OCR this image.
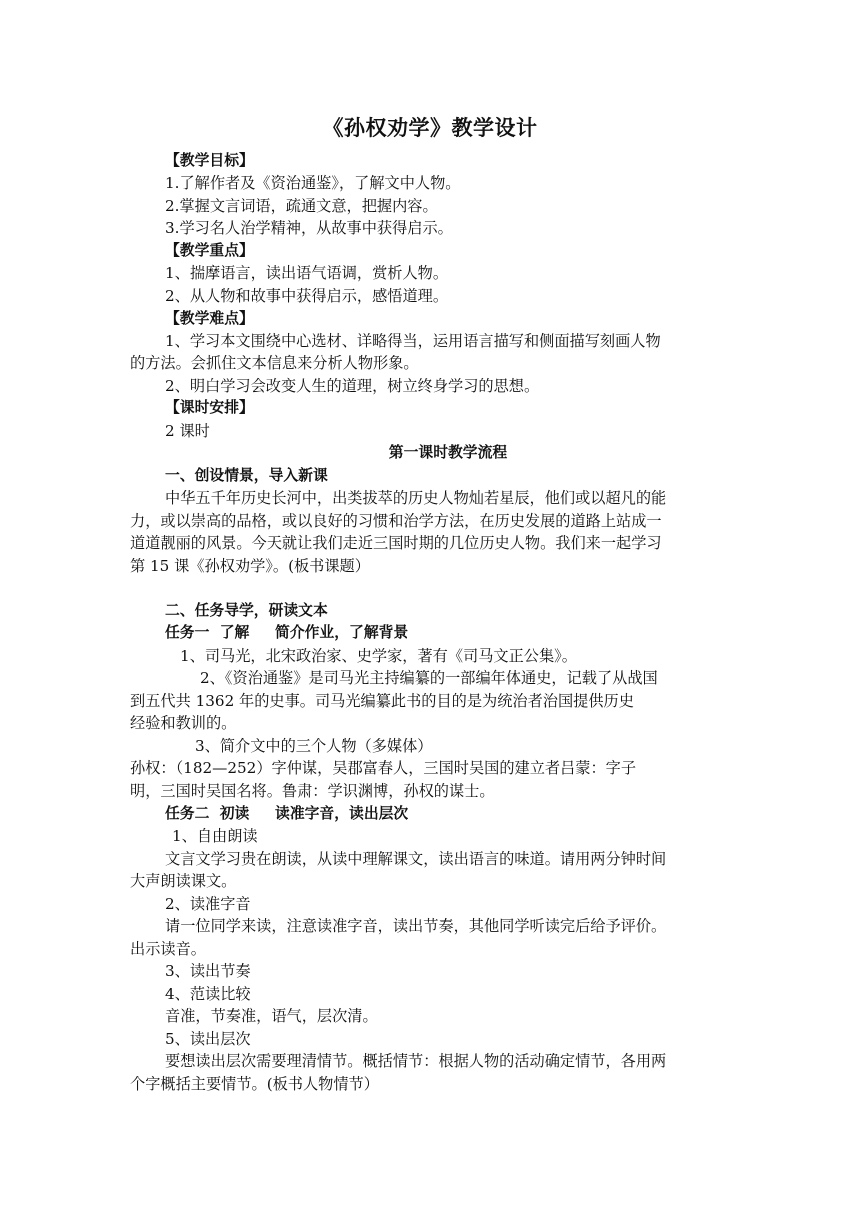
《孙权劝学》教学设计
【教学目标】
1.了解作者及《资治通鉴》，了解文中人物。
2.掌握文言词语，疏通文意，把握内容。
3.学习名人治学精神，从故事中获得启示。
【教学重点】
1、揣摩语言，读出语气语调，赏析人物。
2、从人物和故事中获得启示，感悟道理。
【教学难点】
1、学习本文围绕中心选材、详略得当，运用语言描写和侧面描写刻画人物
的方法。会抓住文本信息来分析人物形象。
2、明白学习会改变人生的道理，树立终身学习的思想。
【课时安排】
2 课时
第一课时教学流程
一、创设情景，导入新课
中华五千年历史长河中，出类拔萃的历史人物灿若星辰，他们或以超凡的能
力，或以崇高的品格，或以良好的习惯和治学方法，在历史发展的道路上站成一
道道靓丽的风景。今天就让我们走近三国时期的几位历史人物。我们来一起学习
第 15 课《孙权劝学》。(板书课题）
二、任务导学，研读文本
任务一  了解     简介作业，了解背景
1、司马光，北宋政治家、史学家，著有《司马文正公集》。
2、《资治通鉴》是司马光主持编纂的一部编年体通史，记载了从战国
到五代共 1362 年的史事。司马光编纂此书的目的是为统治者治国提供历史
经验和教训的。
3、简介文中的三个人物（多媒体）
孙权：（182—252）字仲谋，吴郡富春人，三国时吴国的建立者吕蒙：字子
明，三国时吴国名将。鲁肃：学识渊博，孙权的谋士。
任务二  初读     读准字音，读出层次
1、自由朗读
文言文学习贵在朗读，从读中理解课文，读出语言的味道。请用两分钟时间
大声朗读课文。
2、读准字音
请一位同学来读，注意读准字音，读出节奏，其他同学听读完后给予评价。
出示读音。
3、读出节奏
4、范读比较
音准，节奏准，语气，层次清。
5、读出层次
要想读出层次需要理清情节。概括情节：根据人物的活动确定情节，各用两
个字概括主要情节。(板书人物情节）
